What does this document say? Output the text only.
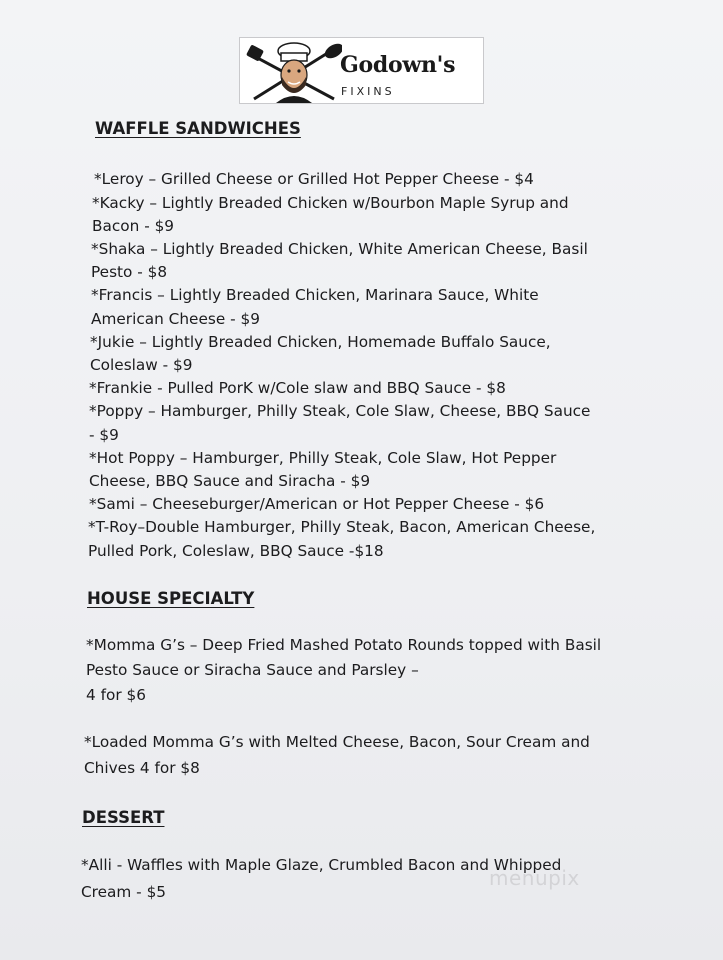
Godown's
FIXINS
WAFFLE SANDWICHES
*Leroy – Grilled Cheese or Grilled Hot Pepper Cheese - $4
*Kacky – Lightly Breaded Chicken w/Bourbon Maple Syrup and
Bacon - $9
*Shaka – Lightly Breaded Chicken, White American Cheese, Basil
Pesto - $8
*Francis – Lightly Breaded Chicken, Marinara Sauce, White
American Cheese - $9
*Jukie – Lightly Breaded Chicken, Homemade Buffalo Sauce,
Coleslaw - $9
*Frankie - Pulled PorK w/Cole slaw and BBQ Sauce - $8
*Poppy – Hamburger, Philly Steak, Cole Slaw, Cheese, BBQ Sauce
- $9
*Hot Poppy – Hamburger, Philly Steak, Cole Slaw, Hot Pepper
Cheese, BBQ Sauce and Siracha - $9
*Sami – Cheeseburger/American or Hot Pepper Cheese - $6
*T-Roy–Double Hamburger, Philly Steak, Bacon, American Cheese,
Pulled Pork, Coleslaw, BBQ Sauce -$18
HOUSE SPECIALTY
*Momma G’s – Deep Fried Mashed Potato Rounds topped with Basil
Pesto Sauce or Siracha Sauce and Parsley –
4 for $6
*Loaded Momma G’s with Melted Cheese, Bacon, Sour Cream and
Chives 4 for $8
DESSERT
*Alli - Waffles with Maple Glaze, Crumbled Bacon and Whipped
Cream - $5
menupix
